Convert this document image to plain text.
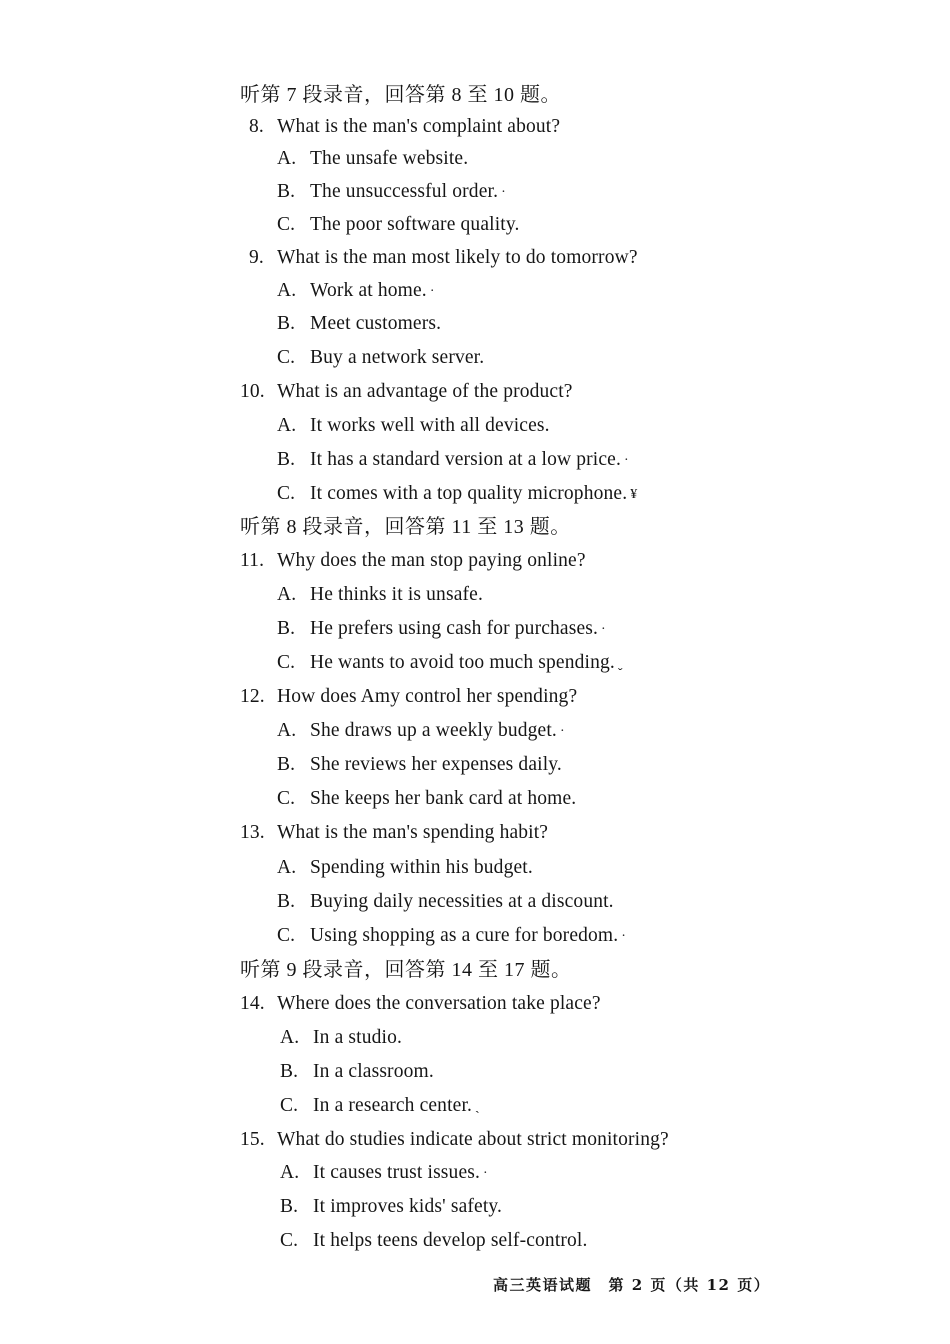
听第 7 段录音，回答第 8 至 10 题。
8. What is the man's complaint about?
A. The unsafe website.
B. The unsuccessful order. ·
C. The poor software quality.
9. What is the man most likely to do tomorrow?
A. Work at home. ·
B. Meet customers.
C. Buy a network server.
10. What is an advantage of the product?
A. It works well with all devices.
B. It has a standard version at a low price. ·
C. It comes with a top quality microphone. ¥
听第 8 段录音，回答第 11 至 13 题。
11. Why does the man stop paying online?
A. He thinks it is unsafe.
B. He prefers using cash for purchases. ·
C. He wants to avoid too much spending. ˬ
12. How does Amy control her spending?
A. She draws up a weekly budget. ·
B. She reviews her expenses daily.
C. She keeps her bank card at home.
13. What is the man's spending habit?
A. Spending within his budget.
B. Buying daily necessities at a discount.
C. Using shopping as a cure for boredom. ·
听第 9 段录音，回答第 14 至 17 题。
14. Where does the conversation take place?
A. In a studio.
B. In a classroom.
C. In a research center. ˎ
15. What do studies indicate about strict monitoring?
A. It causes trust issues. ·
B. It improves kids' safety.
C. It helps teens develop self-control.
高三英语试题　第 2 页（共 12 页）
